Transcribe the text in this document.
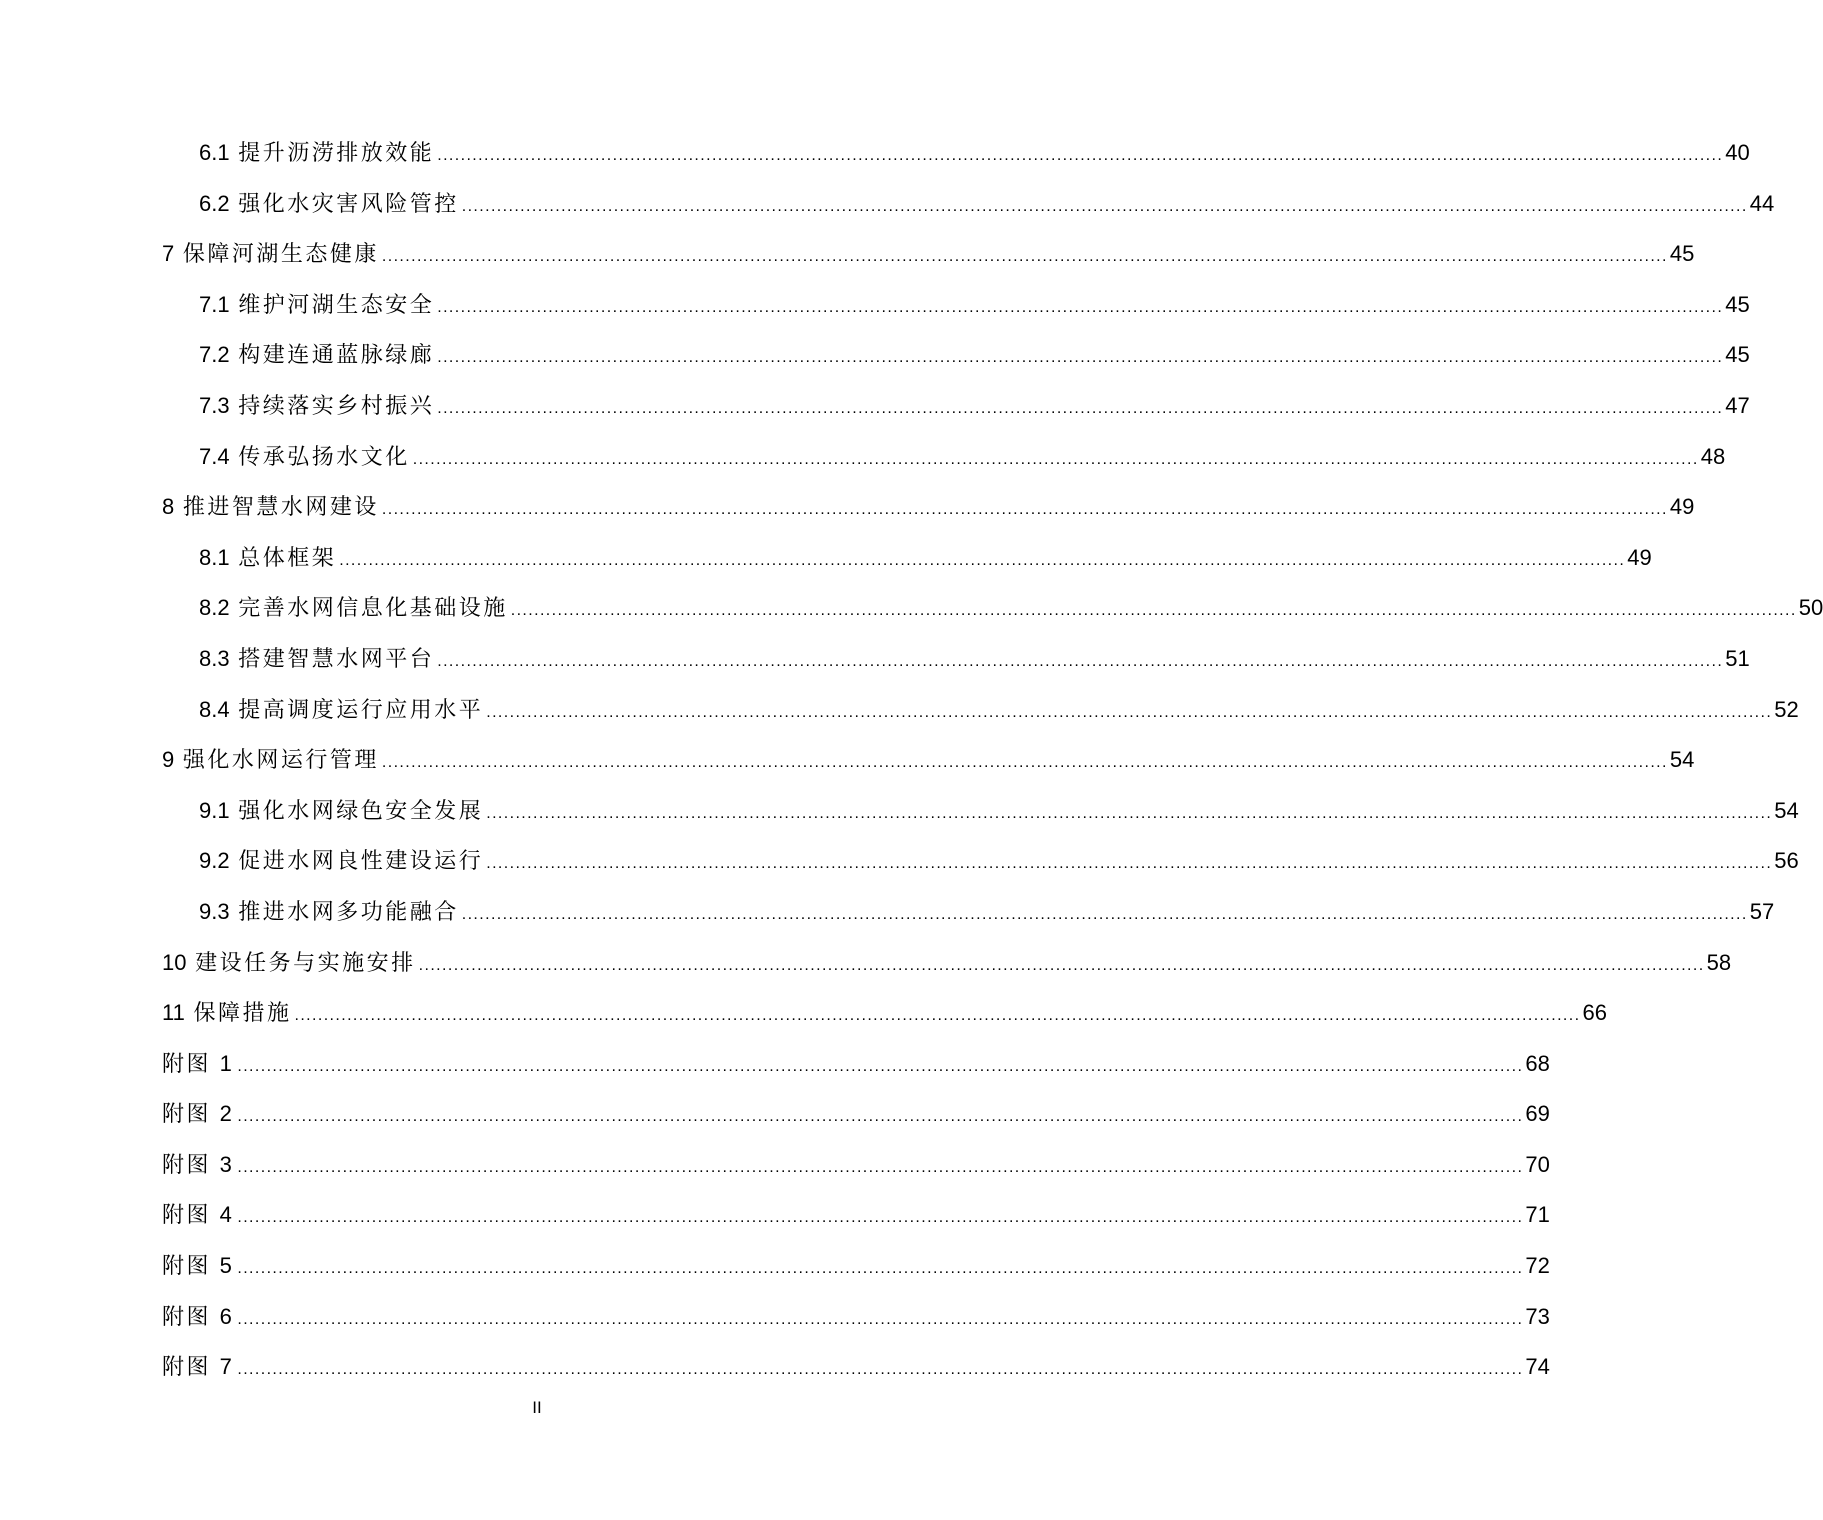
6.1 提升沥涝排放效能 ............................................................................................................................................................................................................................ 40
6.2 强化水灾害风险管控 ............................................................................................................................................................................................................................ 44
7 保障河湖生态健康 ............................................................................................................................................................................................................................ 45
7.1 维护河湖生态安全 ............................................................................................................................................................................................................................ 45
7.2 构建连通蓝脉绿廊 ............................................................................................................................................................................................................................ 45
7.3 持续落实乡村振兴 ............................................................................................................................................................................................................................ 47
7.4 传承弘扬水文化 ............................................................................................................................................................................................................................ 48
8 推进智慧水网建设 ............................................................................................................................................................................................................................ 49
8.1 总体框架 ............................................................................................................................................................................................................................ 49
8.2 完善水网信息化基础设施 ............................................................................................................................................................................................................................ 50
8.3 搭建智慧水网平台 ............................................................................................................................................................................................................................ 51
8.4 提高调度运行应用水平 ............................................................................................................................................................................................................................ 52
9 强化水网运行管理 ............................................................................................................................................................................................................................ 54
9.1 强化水网绿色安全发展 ............................................................................................................................................................................................................................ 54
9.2 促进水网良性建设运行 ............................................................................................................................................................................................................................ 56
9.3 推进水网多功能融合 ............................................................................................................................................................................................................................ 57
10 建设任务与实施安排 ............................................................................................................................................................................................................................ 58
11 保障措施 ............................................................................................................................................................................................................................ 66
附图 1 ............................................................................................................................................................................................................................ 68
附图 2 ............................................................................................................................................................................................................................ 69
附图 3 ............................................................................................................................................................................................................................ 70
附图 4 ............................................................................................................................................................................................................................ 71
附图 5 ............................................................................................................................................................................................................................ 72
附图 6 ............................................................................................................................................................................................................................ 73
附图 7 ............................................................................................................................................................................................................................ 74
II
